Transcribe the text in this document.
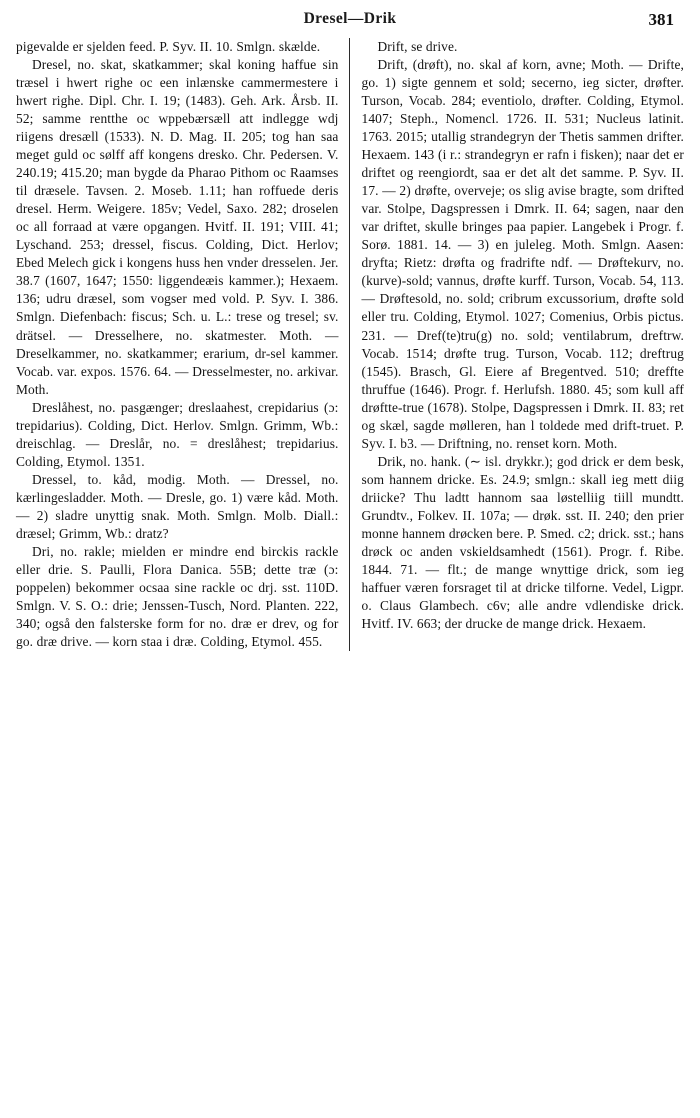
Dresel—Drik	381

pigevalde er sjelden feed. P. Syv. II. 10. Smlgn. skælde.

Dresel, no. skat, skatkammer; skal koning haffue sin træsel i hwert righe oc een inlænske cammermestere i hwert righe. Dipl. Chr. I. 19; (1483). Geh. Ark. Årsb. II. 52; samme rentthe oc wppebærsæll att indlegge wdj riigens dresæll (1533). N. D. Mag. II. 205; tog han saa meget guld oc sølff aff kongens dresko. Chr. Pedersen. V. 240.19; 415.20; man bygde da Pharao Pithom oc Raamses til dræsele. Tavsen. 2. Moseb. 1.11; han roffuede deris dresel. Herm. Weigere. 185v; Vedel, Saxo. 282; droselen oc all forraad at være opgangen. Hvitf. II. 191; VIII. 41; Lyschand. 253; dressel, fiscus. Colding, Dict. Herlov; Ebed Melech gick i kongens huss hen vnder dresselen. Jer. 38.7 (1607, 1647; 1550: liggendeæis kammer.); Hexaem. 136; udru dræsel, som vogser med vold. P. Syv. I. 386. Smlgn. Diefenbach: fiscus; Sch. u. L.: trese og tresel; sv. drätsel. — Dresselhere, no. skatmester. Moth. — Dreselkammer, no. skatkammer; erarium, dr-sel kammer. Vocab. var. expos. 1576. 64. — Dresselmester, no. arkivar. Moth.

Dreslåhest, no. pasgænger; dreslaahest, crepidarius (ɔ: trepidarius). Colding, Dict. Herlov. Smlgn. Grimm, Wb.: dreischlag. — Dreslår, no. = dreslåhest; trepidarius. Colding, Etymol. 1351.

Dressel, to. kåd, modig. Moth. — Dressel, no. kærlingesladder. Moth. — Dresle, go. 1) være kåd. Moth. — 2) sladre unyttig snak. Moth. Smlgn. Molb. Diall.: dræsel; Grimm, Wb.: dratz?

Dri, no. rakle; mielden er mindre end birckis rackle eller drie. S. Paulli, Flora Danica. 55B; dette træ (ɔ: poppelen) bekommer ocsaa sine rackle oc drj. sst. 110D. Smlgn. V. S. O.: drie; Jenssen-Tusch, Nord. Planten. 222, 340; også den falsterske form for no. dræ er drev, og for go. dræ drive. — korn staa i dræ. Colding, Etymol. 455.

Drift, se drive.

Drift, (drøft), no. skal af korn, avne; Moth. — Drifte, go. 1) sigte gennem et sold; secerno, ieg sicter, drøfter. Turson, Vocab. 284; eventiolo, drøfter. Colding, Etymol. 1407; Steph., Nomencl. 1726. II. 531; Nucleus latinit. 1763. 2015; utallig strandegryn der Thetis sammen drifter. Hexaem. 143 (i r.: strandegryn er rafn i fisken); naar det er driftet og reengiordt, saa er det alt det samme. P. Syv. II. 17. — 2) drøfte, overveje; os slig avise bragte, som drifted var. Stolpe, Dagspressen i Dmrk. II. 64; sagen, naar den var driftet, skulle bringes paa papier. Langebek i Progr. f. Sorø. 1881. 14. — 3) en juleleg. Moth. Smlgn. Aasen: dryfta; Rietz: drøfta og fradrifte ndf. — Drøftekurv, no. (kurve)-sold; vannus, drøfte kurff. Turson, Vocab. 54, 113. — Drøftesold, no. sold; cribrum excussorium, drøfte sold eller tru. Colding, Etymol. 1027; Comenius, Orbis pictus. 231. — Dref(te)tru(g) no. sold; ventilabrum, dreftrw. Vocab. 1514; drøfte trug. Turson, Vocab. 112; dreftrug (1545). Brasch, Gl. Eiere af Bregentved. 510; dreffte thruffue (1646). Progr. f. Herlufsh. 1880. 45; som kull aff drøftte-true (1678). Stolpe, Dagspressen i Dmrk. II. 83; ret og skæl, sagde mølleren, han l toldede med drift-truet. P. Syv. I. b3. — Driftning, no. renset korn. Moth.

Drik, no. hank. (∼ isl. drykkr.); god drick er dem besk, som hannem dricke. Es. 24.9; smlgn.: skall ieg mett diig driicke? Thu ladtt hannom saa løstelliig tiill mundtt. Grundtv., Folkev. II. 107a; — drøk. sst. II. 240; den prier monne hannem drøcken bere. P. Smed. c2; drick. sst.; hans drøck oc anden vskieldsamhedt (1561). Progr. f. Ribe. 1844. 71. — flt.; de mange wnyttige drick, som ieg haffuer væren forsraget til at dricke tilforne. Vedel, Ligpr. o. Claus Glambech. c6v; alle andre vdlendiske drick. Hvitf. IV. 663; der drucke de mange drick. Hexaem.
